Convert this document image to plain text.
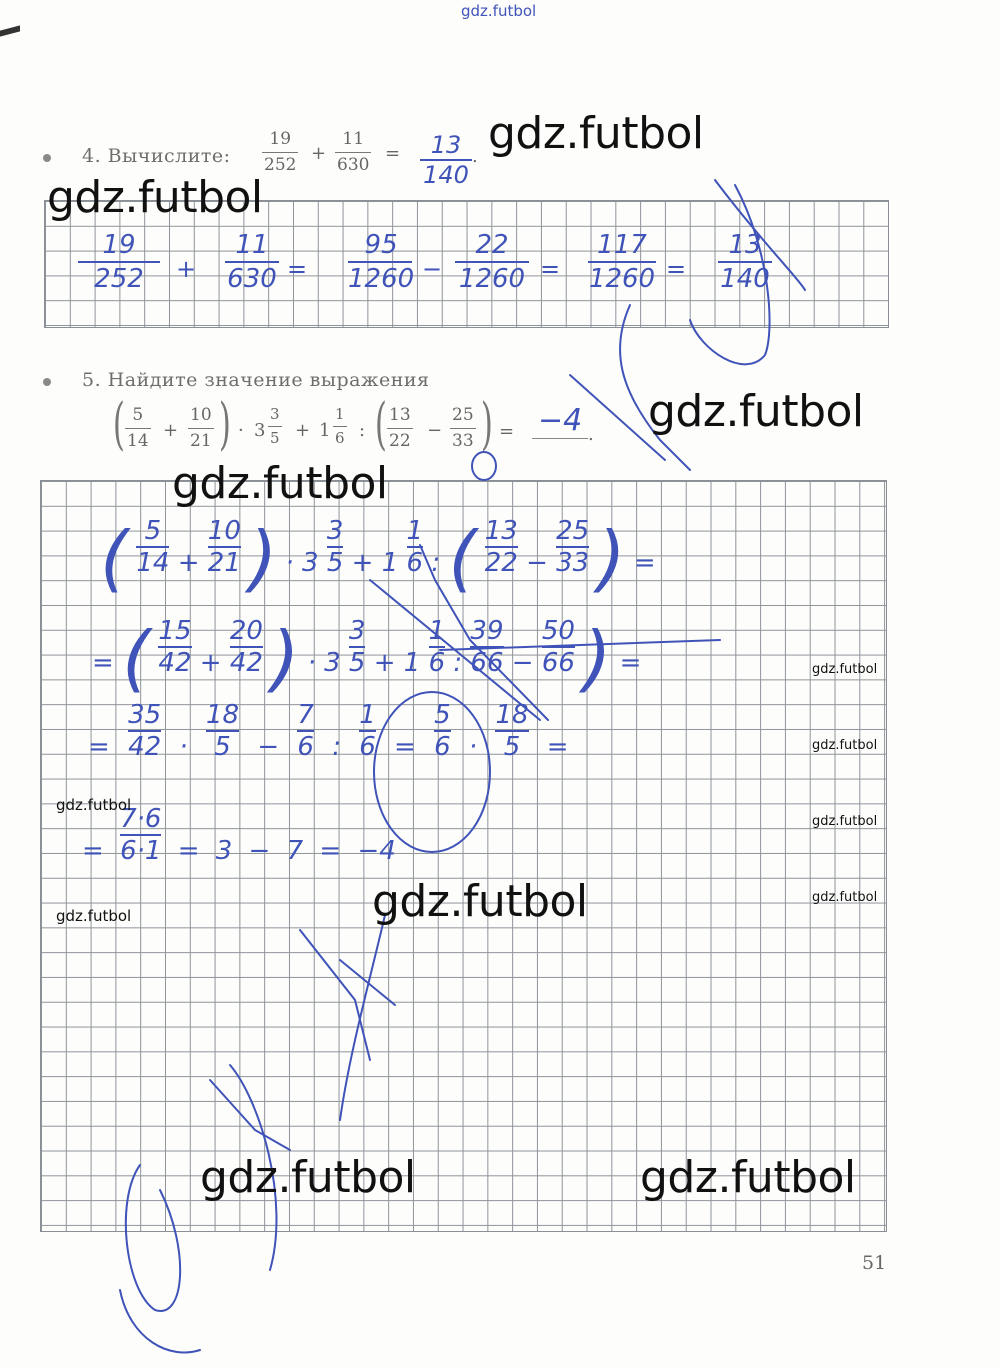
gdz.futbol
4. Вычислите:
19
252
+
11
630
=	13
140
.
19
252	+
11
630 =
95
1260 −
22
1260 =
117
1260 =
13
140
5. Найдите значение выражения
( 5
14 +
10
21 ) · 3
3
5 + 1
1
6 : ( 13
22 −
25
33 ) = −4 .
( $\frac{5}{14} + \frac{10}{21}$ ) · $3 \frac{3}{5} + 1 \frac{1}{6}$ : ( $\frac{13}{22} - \frac{25}{33}$ ) =
= ( $\frac{15}{42} + \frac{20}{42}$ ) · $3 \frac{3}{5} + 1 \frac{1}{6}$ : $\frac{39}{66} - \frac{50}{66}$ ) =
= $\frac{35}{42} \cdot \frac{18}{5} - \frac{7}{6}$ : $\frac{1}{6} = \frac{5}{6} \cdot \frac{18}{5}$ =
= $\frac{7\cdot 6}{6\cdot 1} = 3 - 7 = -4$
gdz.futbol
gdz.futbol
gdz.futbol
gdz.futbol
gdz.futbol
gdz.futbol	gdz.futbol
gdz.futbol
gdz.futbol
gdz.futbol
gdz.futbol
gdz.futbol
gdz.futbol
51
